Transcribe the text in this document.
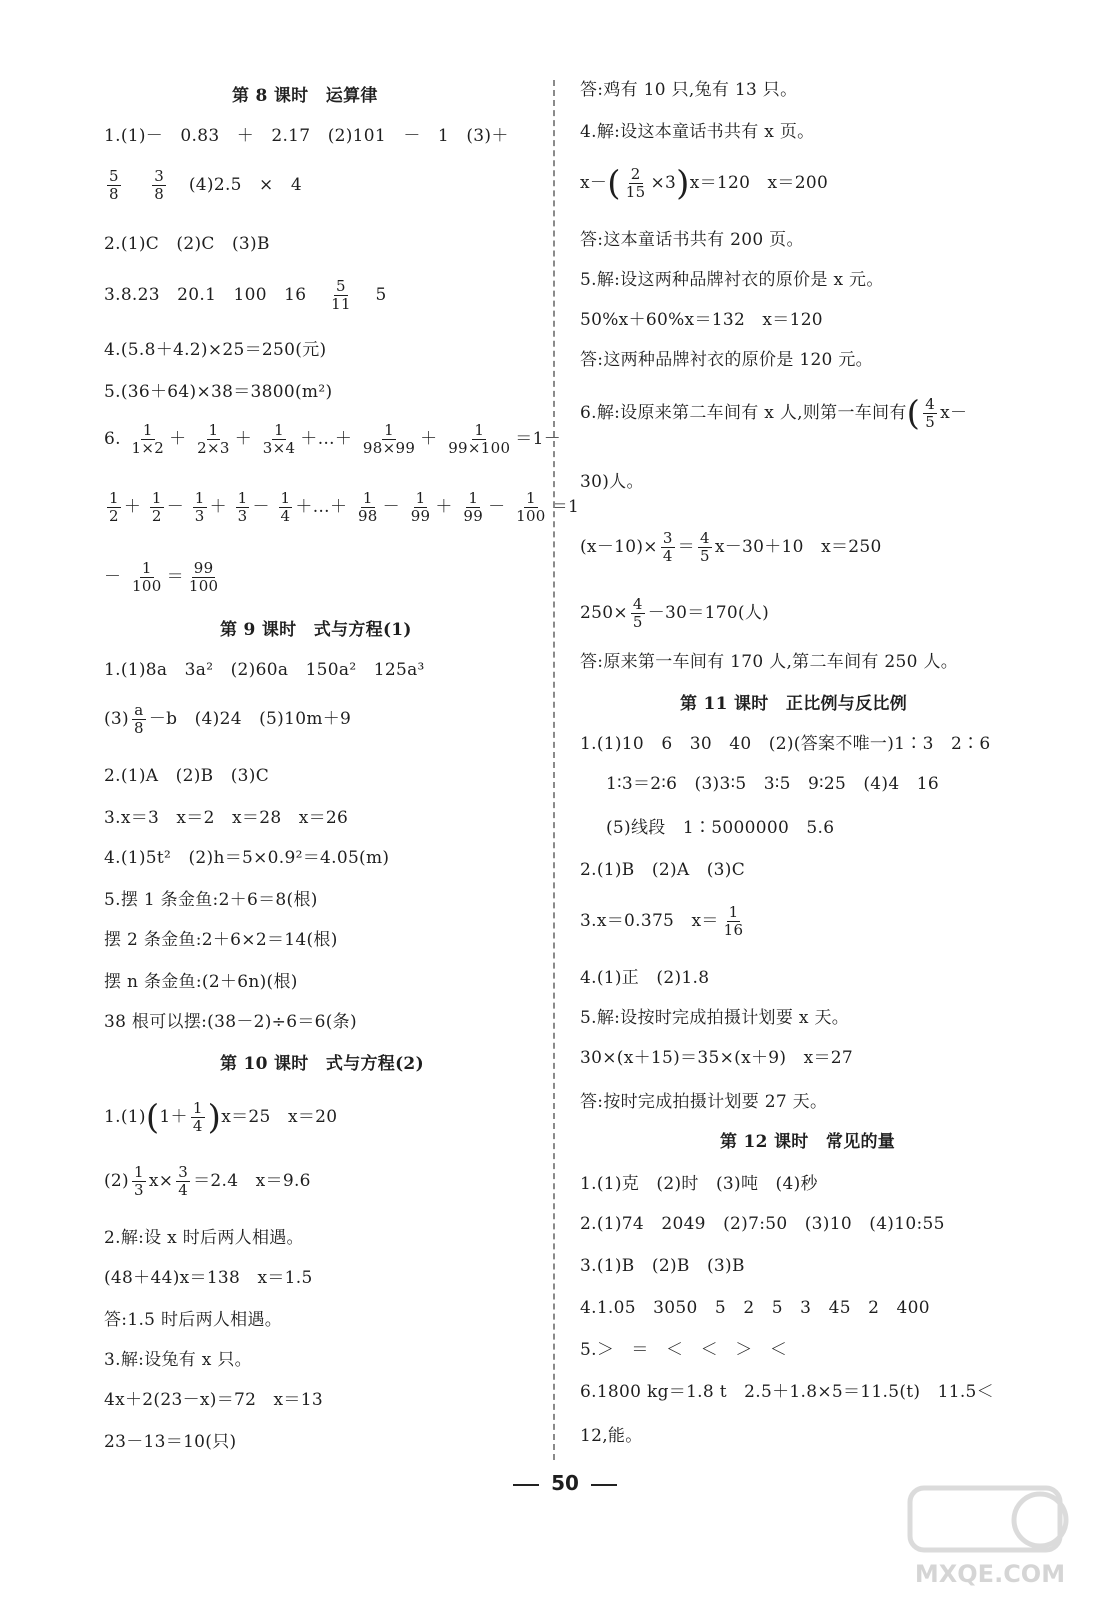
第 8 课时　运算律
1.(1)－　0.83　＋　2.17　(2)101　－　1　(3)＋
$\frac{5}{8}$
$\frac{3}{8} (4)2.5$　×　4
2.(1)C　(2)C　(3)B
3.8.23　20.1　100　$16 \frac{5}{11} 5$
4.(5.8＋4.2)×25＝250(元)
5.(36＋64)×38＝3800(m²)
6. $\frac{1}{1\times 2} + \frac{1}{2\times 3} + \frac{1}{3\times 4}$ ＋…＋ $\frac{1}{98\times 99} + \frac{1}{99\times 100} =1-$
$\frac{1}{2} + \frac{1}{2} - \frac{1}{3} + \frac{1}{3} - \frac{1}{4}$ ＋…＋ $\frac{1}{98} - \frac{1}{99} + \frac{1}{99} - \frac{1}{100} =1$
－ $\frac{1}{100} = \frac{99}{100}$
第 9 课时　式与方程(1)
1.(1)8a　3a²　(2)60a　150a²　125a³
$(3) \frac{a}{8} -b$　(4)24　(5)10m＋9
2.(1)A　(2)B　(3)C
3.x＝3　x＝2　x＝28　x＝26
4.(1)5t²　(2)h＝5×0.9²＝4.05(m)
5.摆 1 条金鱼:2＋6＝8(根)
摆 2 条金鱼:2＋6×2＝14(根)
摆 n 条金鱼:(2＋6n)(根)
38 根可以摆:(38－2)÷6＝6(条)
第 10 课时　式与方程(2)
$1.(1)(1+ \frac{1}{4} )x=25$　x＝20
$(2) \frac{1}{3} x\times \frac{3}{4} =2.4$　x＝9.6
2.解:设 x 时后两人相遇。
(48＋44)x＝138　x＝1.5
答:1.5 时后两人相遇。
3.解:设兔有 x 只。
4x＋2(23－x)＝72　x＝13
23－13＝10(只)
答:鸡有 10 只,兔有 13 只。
4.解:设这本童话书共有 x 页。
$x-( \frac{2}{15} \times 3)x=120$　x＝200
答:这本童话书共有 200 页。
5.解:设这两种品牌衬衣的原价是 x 元。
50%x＋60%x＝132　x＝120
答:这两种品牌衬衣的原价是 120 元。
6.解:设原来第二车间有 x 人,则第一车间有( $\frac{4}{5} x-$
30)人。
$(x-10)\times \frac{3}{4} = \frac{4}{5} x-30+10$　x＝250
$250\times \frac{4}{5} -30=170$(人)
答:原来第一车间有 170 人,第二车间有 250 人。
第 11 课时　正比例与反比例
1.(1)10　6　30　40　(2)(答案不唯一)1∶3　2∶6
1∶3＝2∶6　(3)3∶5　3∶5　9∶25　(4)4　16
(5)线段　1∶5000000　5.6
2.(1)B　(2)A　(3)C
3.x＝0.375　$x= \frac{1}{16}$
4.(1)正　(2)1.8
5.解:设按时完成拍摄计划要 x 天。
30×(x＋15)＝35×(x＋9)　x＝27
答:按时完成拍摄计划要 27 天。
第 12 课时　常见的量
1.(1)克　(2)时　(3)吨　(4)秒
2.(1)74　2049　(2)7:50　(3)10　(4)10:55
3.(1)B　(2)B　(3)B
4.1.05　3050　5　2　5　3　45　2　400
5.＞　＝　＜　＜　＞　＜
6.1800 kg＝1.8 t　2.5＋1.8×5＝11.5(t)　11.5＜
12,能。
50
MXQE.COM
